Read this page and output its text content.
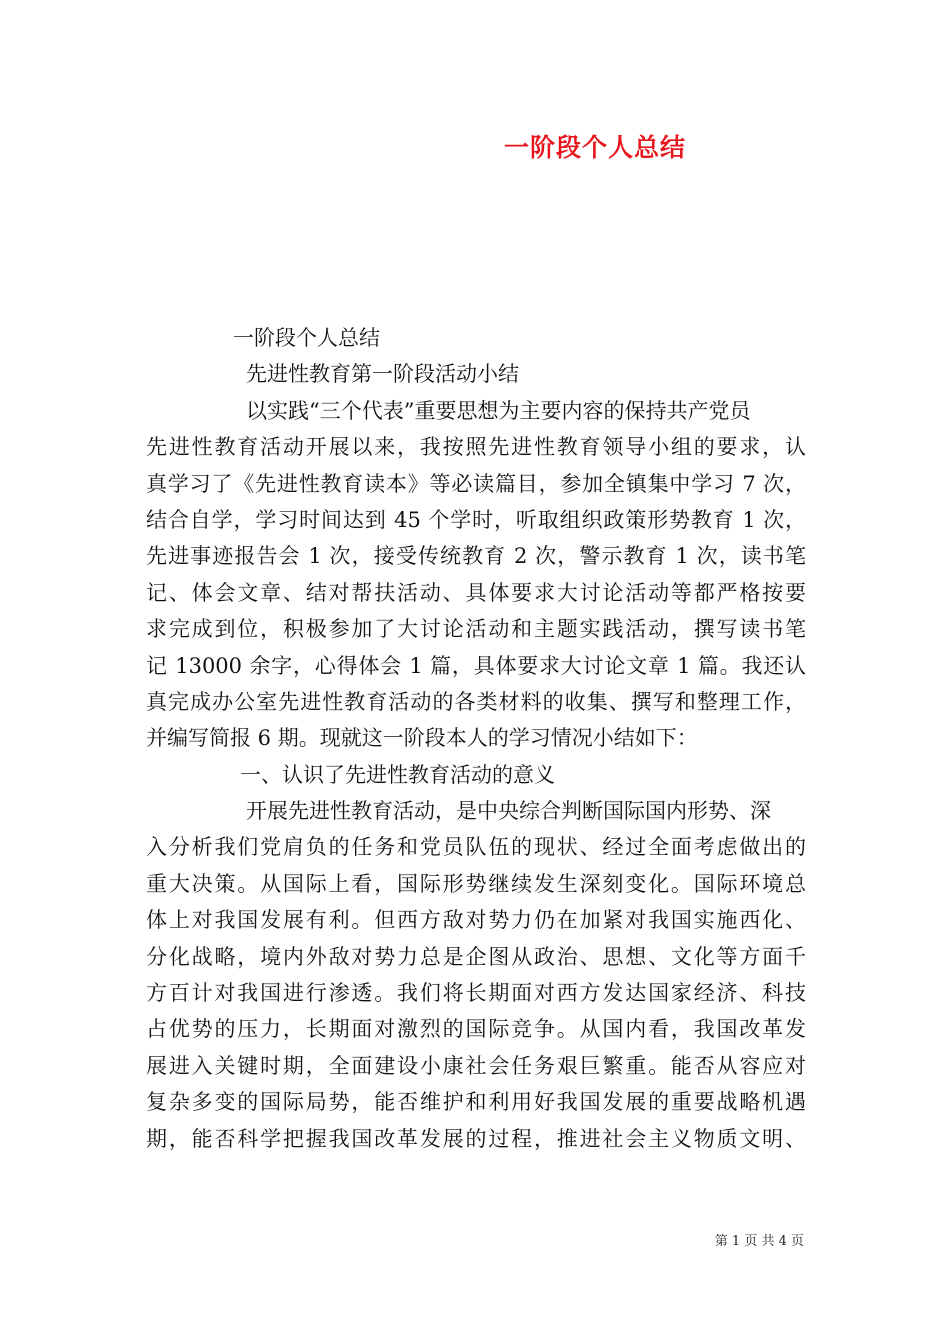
一阶段个人总结
一阶段个人总结
先进性教育第一阶段活动小结
以实践“三个代表”重要思想为主要内容的保持共产党员
先进性教育活动开展以来，我按照先进性教育领导小组的要求，认
真学习了《先进性教育读本》等必读篇目，参加全镇集中学习 7 次，
结合自学，学习时间达到 45 个学时，听取组织政策形势教育 1 次，
先进事迹报告会 1 次，接受传统教育 2 次，警示教育 1 次，读书笔
记、体会文章、结对帮扶活动、具体要求大讨论活动等都严格按要
求完成到位，积极参加了大讨论活动和主题实践活动，撰写读书笔
记 13000 余字，心得体会 1 篇，具体要求大讨论文章 1 篇。我还认
真完成办公室先进性教育活动的各类材料的收集、撰写和整理工作，
并编写简报 6 期。现就这一阶段本人的学习情况小结如下：
一、认识了先进性教育活动的意义
开展先进性教育活动，是中央综合判断国际国内形势、深
入分析我们党肩负的任务和党员队伍的现状、经过全面考虑做出的
重大决策。从国际上看，国际形势继续发生深刻变化。国际环境总
体上对我国发展有利。但西方敌对势力仍在加紧对我国实施西化、
分化战略，境内外敌对势力总是企图从政治、思想、文化等方面千
方百计对我国进行渗透。我们将长期面对西方发达国家经济、科技
占优势的压力，长期面对激烈的国际竞争。从国内看，我国改革发
展进入关键时期，全面建设小康社会任务艰巨繁重。能否从容应对
复杂多变的国际局势，能否维护和利用好我国发展的重要战略机遇
期，能否科学把握我国改革发展的过程，推进社会主义物质文明、
第 1 页 共 4 页
